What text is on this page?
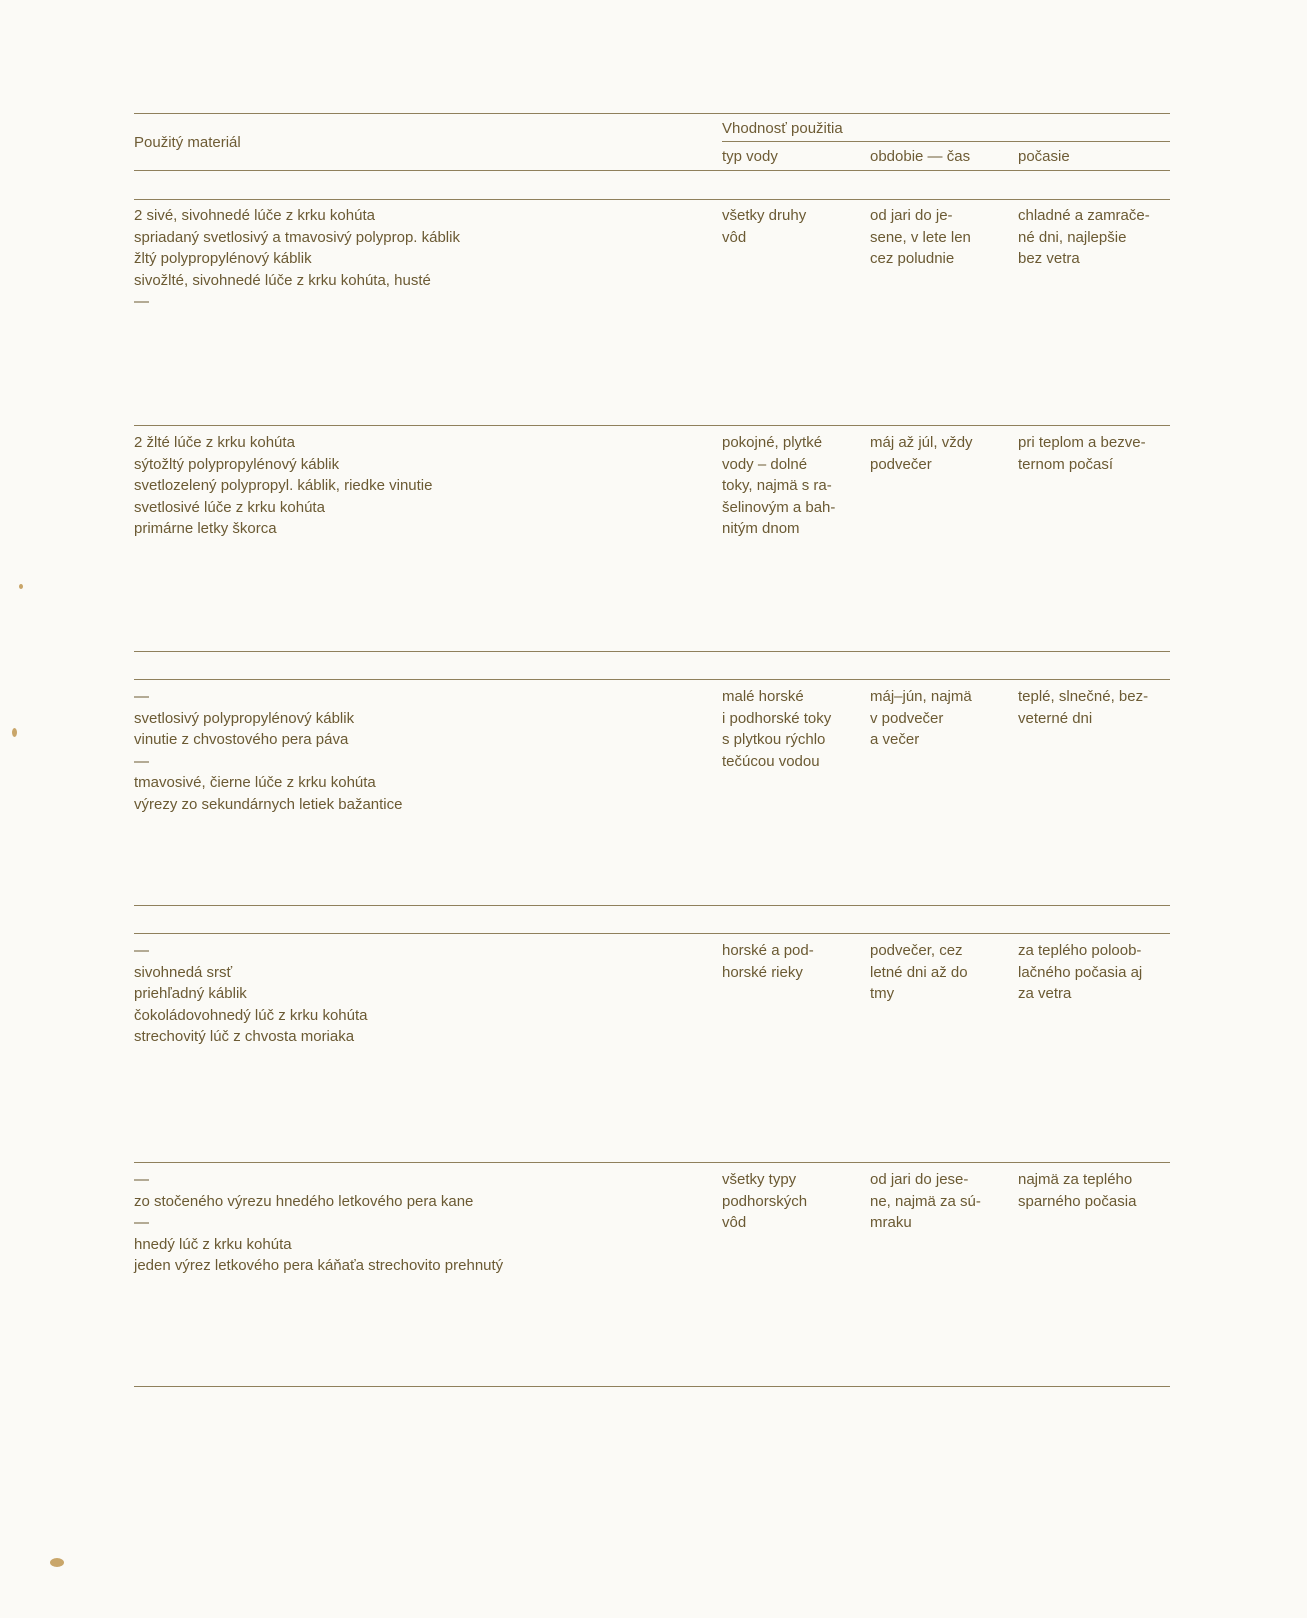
Použitý materiál
Vhodnosť použitia
typ vody	obdobie — čas	počasie
2 sivé, sivohnedé lúče z krku kohúta
spriadaný svetlosivý a tmavosivý polyprop. káblik
žltý polypropylénový káblik
sivožlté, sivohnedé lúče z krku kohúta, husté
—
všetky druhy
vôd
od jari do je-
sene, v lete len
cez poludnie
chladné a zamrače-
né dni, najlepšie
bez vetra
2 žlté lúče z krku kohúta
sýtožltý polypropylénový káblik
svetlozelený polypropyl. káblik, riedke vinutie
svetlosivé lúče z krku kohúta
primárne letky škorca
pokojné, plytké
vody – dolné
toky, najmä s ra-
šelinovým a bah-
nitým dnom
máj až júl, vždy
podvečer
pri teplom a bezve-
ternom počasí
—
svetlosivý polypropylénový káblik
vinutie z chvostového pera páva
—
tmavosivé, čierne lúče z krku kohúta
výrezy zo sekundárnych letiek bažantice
malé horské
i podhorské toky
s plytkou rýchlo
tečúcou vodou
máj–jún, najmä
v podvečer
a večer
teplé, slnečné, bez-
veterné dni
—
sivohnedá srsť
priehľadný káblik
čokoládovohnedý lúč z krku kohúta
strechovitý lúč z chvosta moriaka
horské a pod-
horské rieky
podvečer, cez
letné dni až do
tmy
za teplého poloob-
lačného počasia aj
za vetra
—
zo stočeného výrezu hnedého letkového pera kane
—
hnedý lúč z krku kohúta
jeden výrez letkového pera káňaťa strechovito prehnutý
všetky typy
podhorských
vôd
od jari do jese-
ne, najmä za sú-
mraku
najmä za teplého
sparného počasia
